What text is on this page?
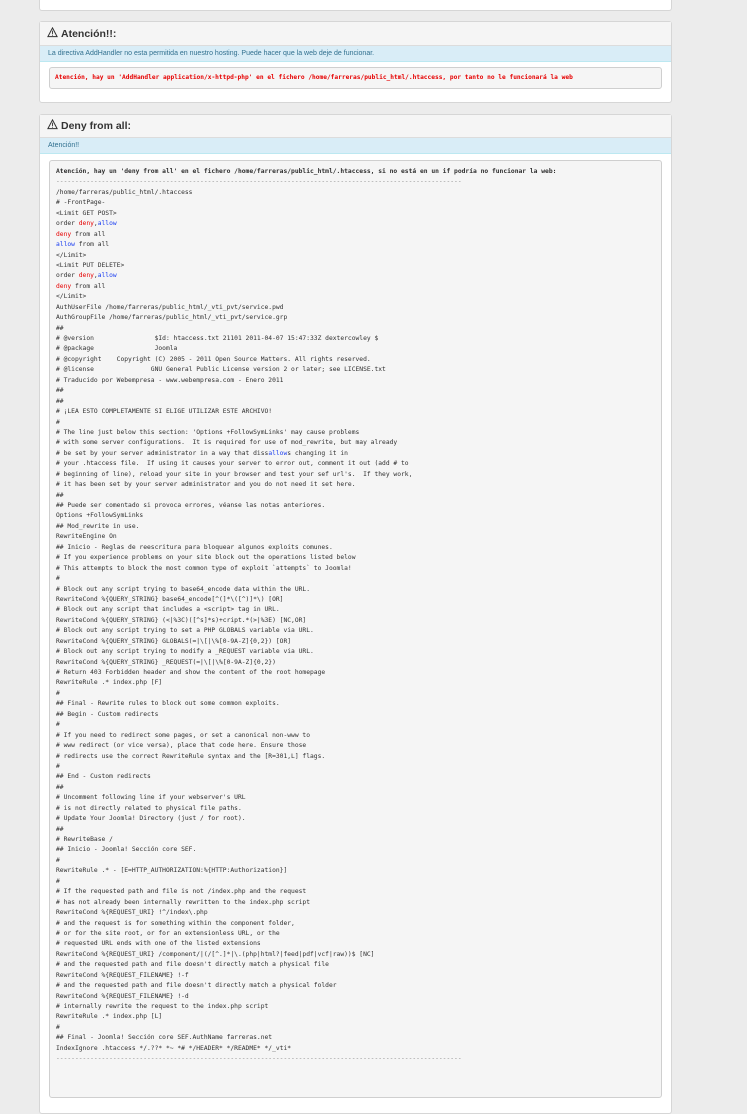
Atención!!:
La directiva AddHandler no esta permitida en nuestro hosting. Puede hacer que la web deje de funcionar.
Atención, hay un 'AddHandler application/x-httpd-php' en el fichero /home/farreras/public_html/.htaccess, por tanto no le funcionará la web
Deny from all:
Atención!!
Atención, hay un 'deny from all' en el fichero /home/farreras/public_html/.htaccess, si no está en un if podría no funcionar la web:
-----------------------------------------------------------------------------------------------------------
/home/farreras/public_html/.htaccess
# -FrontPage-
<Limit GET POST>
order deny,allow
deny from all
allow from all
</Limit>
<Limit PUT DELETE>
order deny,allow
deny from all
</Limit>
AuthUserFile /home/farreras/public_html/_vti_pvt/service.pwd
AuthGroupFile /home/farreras/public_html/_vti_pvt/service.grp
##
# @version                $Id: htaccess.txt 21101 2011-04-07 15:47:33Z dextercowley $
# @package                Joomla
# @copyright    Copyright (C) 2005 - 2011 Open Source Matters. All rights reserved.
# @license               GNU General Public License version 2 or later; see LICENSE.txt
# Traducido por Webempresa - www.webempresa.com - Enero 2011
##
##
# ¡LEA ESTO COMPLETAMENTE SI ELIGE UTILIZAR ESTE ARCHIVO!
#
# The line just below this section: 'Options +FollowSymLinks' may cause problems
# with some server configurations.  It is required for use of mod_rewrite, but may already
# be set by your server administrator in a way that dissallows changing it in
# your .htaccess file.  If using it causes your server to error out, comment it out (add # to
# beginning of line), reload your site in your browser and test your sef url's.  If they work,
# it has been set by your server administrator and you do not need it set here.
##
## Puede ser comentado si provoca errores, véanse las notas anteriores.
Options +FollowSymLinks
## Mod_rewrite in use.
RewriteEngine On
## Inicio - Reglas de reescritura para bloquear algunos exploits comunes.
# If you experience problems on your site block out the operations listed below
# This attempts to block the most common type of exploit `attempts` to Joomla!
#
# Block out any script trying to base64_encode data within the URL.
RewriteCond %{QUERY_STRING} base64_encode[^(]*\([^)]*\) [OR]
# Block out any script that includes a <script> tag in URL.
RewriteCond %{QUERY_STRING} (<|%3C)([^s]*s)+cript.*(>|%3E) [NC,OR]
# Block out any script trying to set a PHP GLOBALS variable via URL.
RewriteCond %{QUERY_STRING} GLOBALS(=|\[|\%[0-9A-Z]{0,2}) [OR]
# Block out any script trying to modify a _REQUEST variable via URL.
RewriteCond %{QUERY_STRING} _REQUEST(=|\[|\%[0-9A-Z]{0,2})
# Return 403 Forbidden header and show the content of the root homepage
RewriteRule .* index.php [F]
#
## Final - Rewrite rules to block out some common exploits.
## Begin - Custom redirects
#
# If you need to redirect some pages, or set a canonical non-www to
# www redirect (or vice versa), place that code here. Ensure those
# redirects use the correct RewriteRule syntax and the [R=301,L] flags.
#
## End - Custom redirects
##
# Uncomment following line if your webserver's URL
# is not directly related to physical file paths.
# Update Your Joomla! Directory (just / for root).
##
# RewriteBase /
## Inicio - Joomla! Sección core SEF.
#
RewriteRule .* - [E=HTTP_AUTHORIZATION:%{HTTP:Authorization}]
#
# If the requested path and file is not /index.php and the request
# has not already been internally rewritten to the index.php script
RewriteCond %{REQUEST_URI} !^/index\.php
# and the request is for something within the component folder,
# or for the site root, or for an extensionless URL, or the
# requested URL ends with one of the listed extensions
RewriteCond %{REQUEST_URI} /component/|(/[^.]*|\.(php|html?|feed|pdf|vcf|raw))$ [NC]
# and the requested path and file doesn't directly match a physical file
RewriteCond %{REQUEST_FILENAME} !-f
# and the requested path and file doesn't directly match a physical folder
RewriteCond %{REQUEST_FILENAME} !-d
# internally rewrite the request to the index.php script
RewriteRule .* index.php [L]
#
## Final - Joomla! Sección core SEF.AuthName farreras.net
IndexIgnore .htaccess */.??* *~ *# */HEADER* */README* */_vti*
-----------------------------------------------------------------------------------------------------------
